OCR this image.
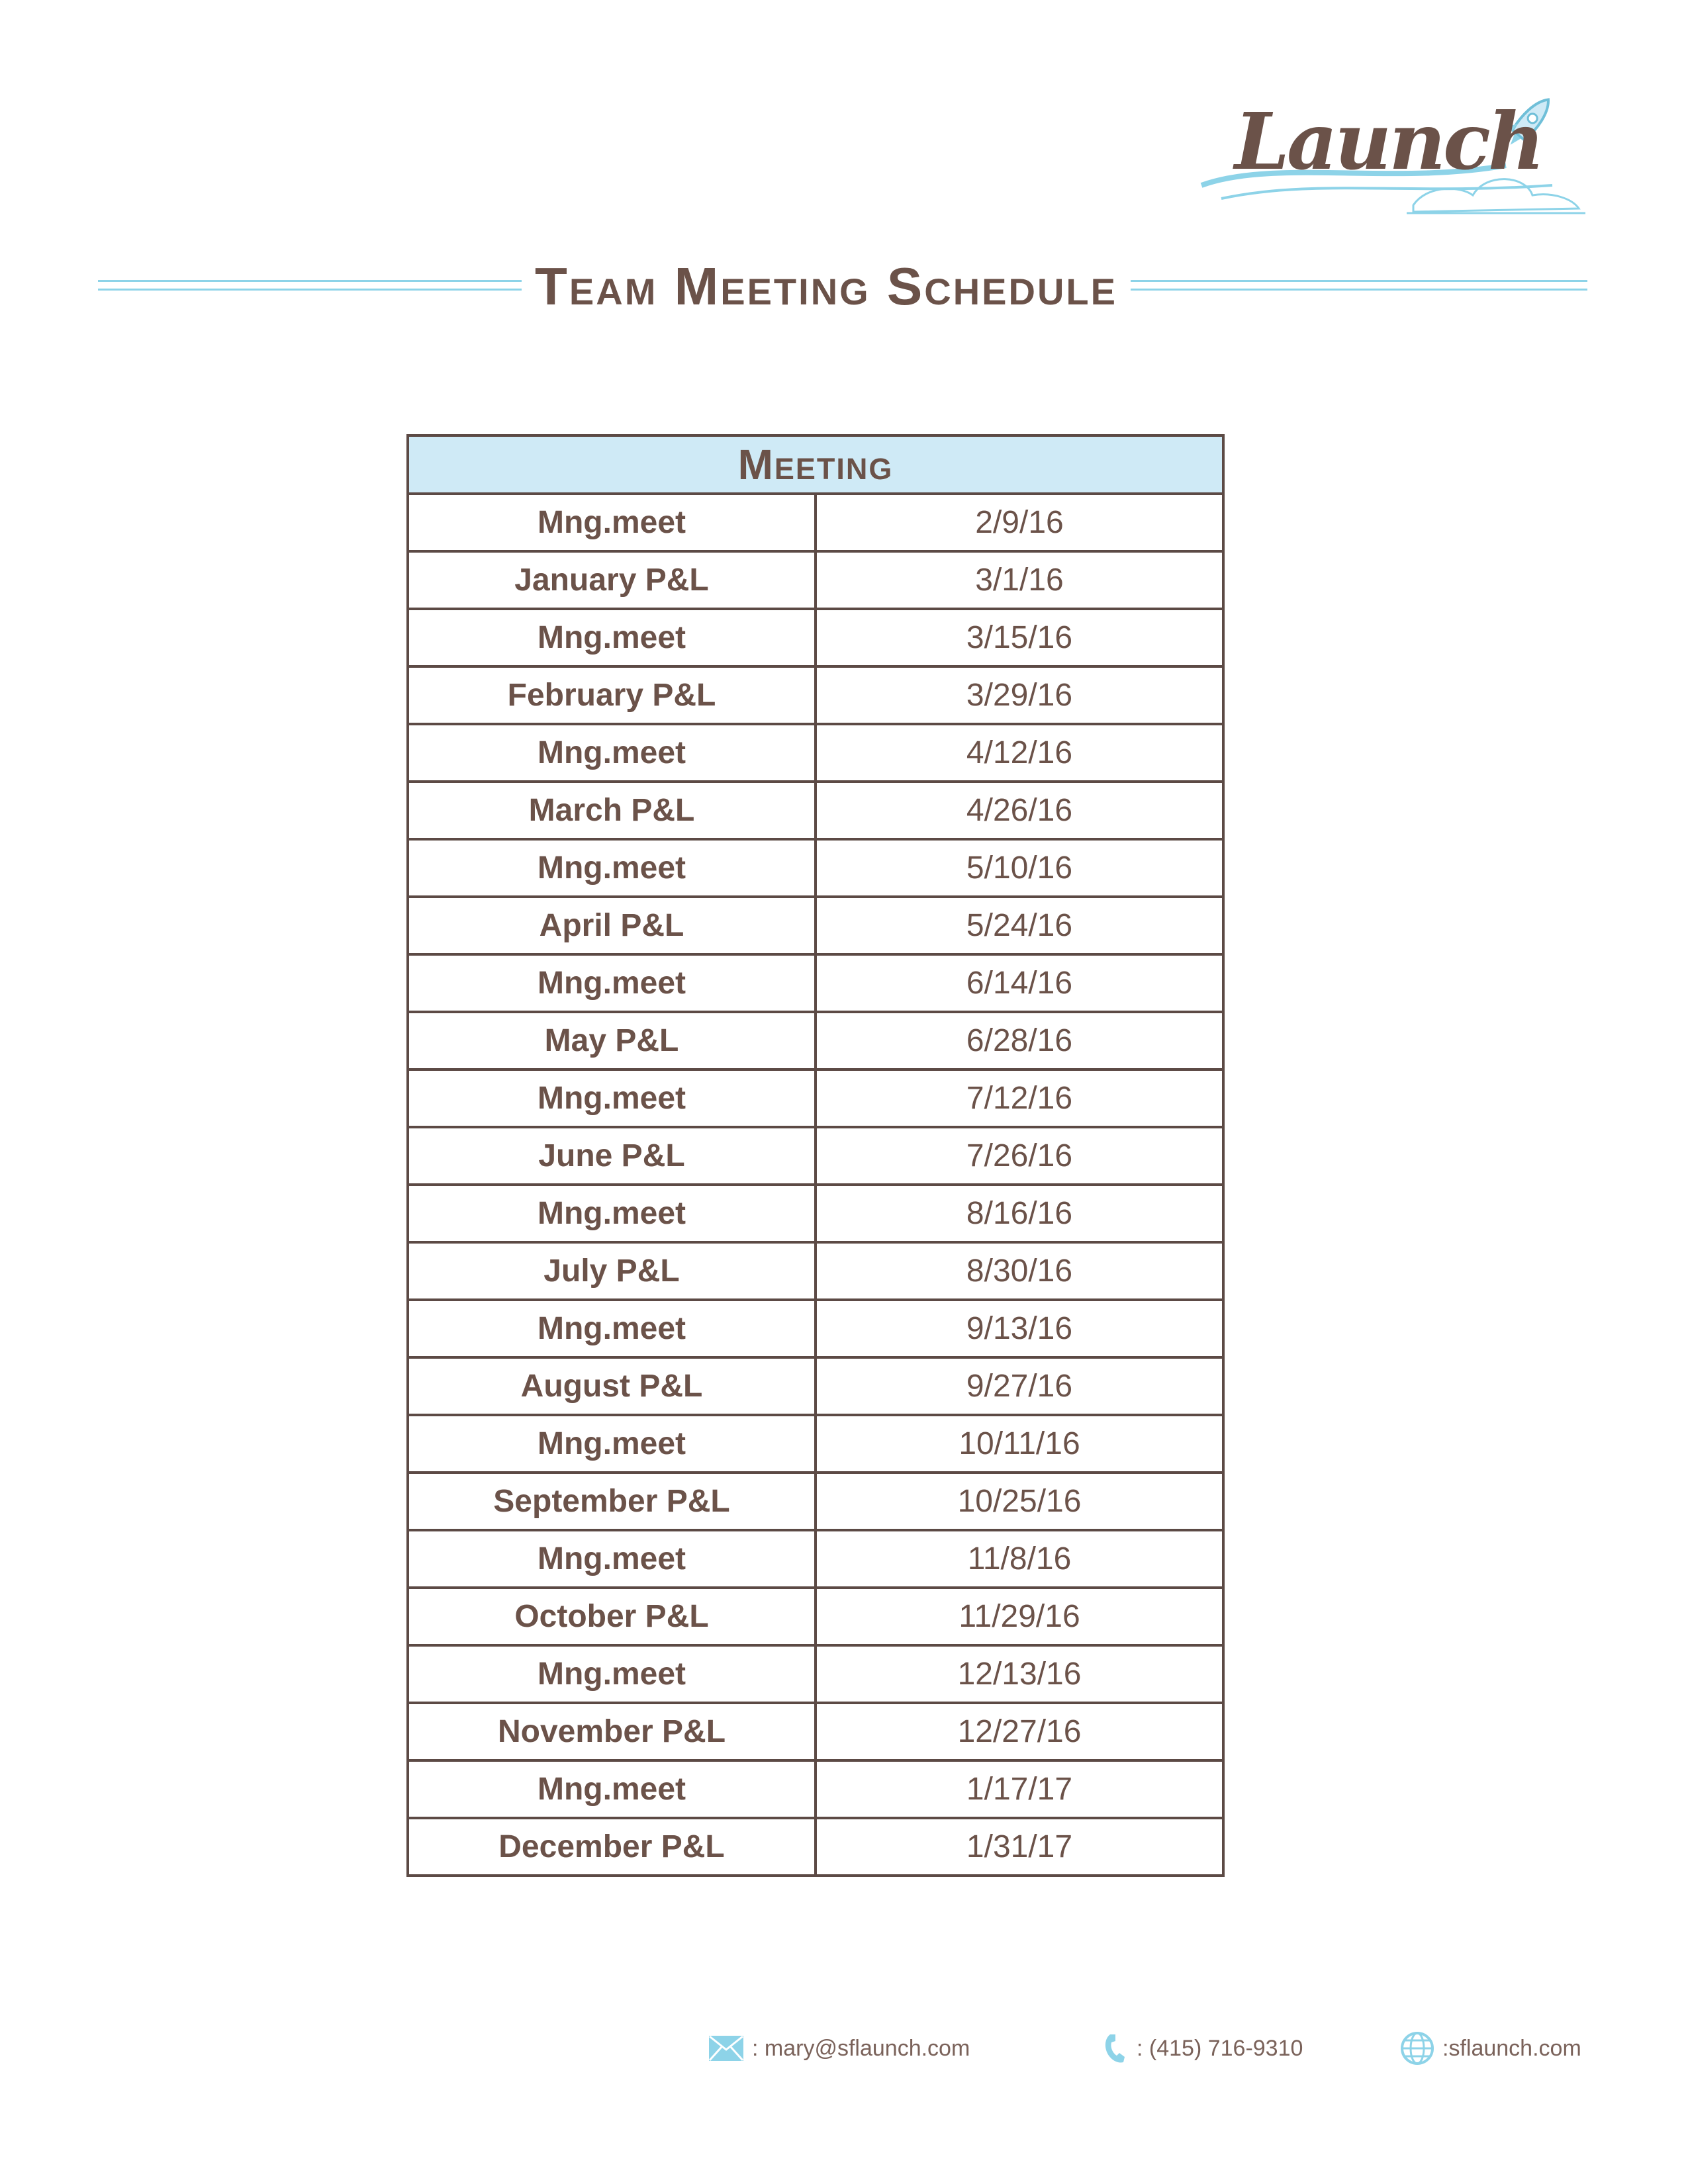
Launch
Team Meeting Schedule
Meeting	
Mng.meet	2/9/16
January P&L	3/1/16
Mng.meet	3/15/16
February P&L	3/29/16
Mng.meet	4/12/16
March P&L	4/26/16
Mng.meet	5/10/16
April P&L	5/24/16
Mng.meet	6/14/16
May P&L	6/28/16
Mng.meet	7/12/16
June P&L	7/26/16
Mng.meet	8/16/16
July P&L	8/30/16
Mng.meet	9/13/16
August P&L	9/27/16
Mng.meet	10/11/16
September P&L	10/25/16
Mng.meet	11/8/16
October P&L	11/29/16
Mng.meet	12/13/16
November P&L	12/27/16
Mng.meet	1/17/17
December P&L	1/31/17
: mary@sflaunch.com	: (415) 716-9310	:sflaunch.com
